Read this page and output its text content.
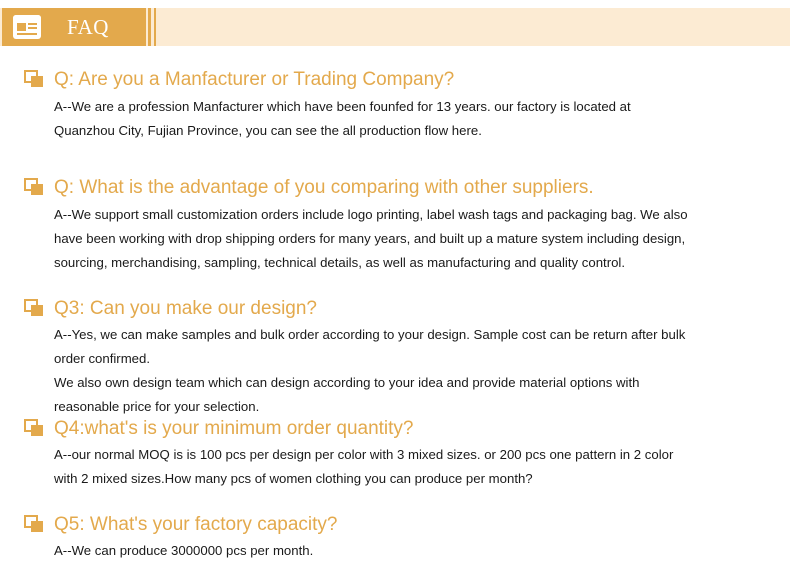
FAQ
Q: Are you a Manfacturer or Trading Company?
A--We are a profession Manfacturer which have been founfed for 13 years. our factory is located at
Quanzhou City, Fujian Province, you can see the all production flow here.
Q: What is the advantage of you comparing with other suppliers.
A--We support small customization orders include logo printing, label wash tags and packaging bag. We also
have been working with drop shipping orders for many years, and built up a mature system including design,
sourcing, merchandising, sampling, technical details, as well as manufacturing and quality control.
Q3: Can you make our design?
A--Yes, we can make samples and bulk order according to your design. Sample cost can be return after bulk
order confirmed.
We also own design team which can design according to your idea and provide material options with
reasonable price for your selection.
Q4:what's is your minimum order quantity?
A--our normal MOQ is is 100 pcs per design per color with 3 mixed sizes. or 200 pcs one pattern in 2 color
with 2 mixed sizes.How many pcs of women clothing you can produce per month?
Q5: What's your factory capacity?
A--We can produce 3000000 pcs per month.
